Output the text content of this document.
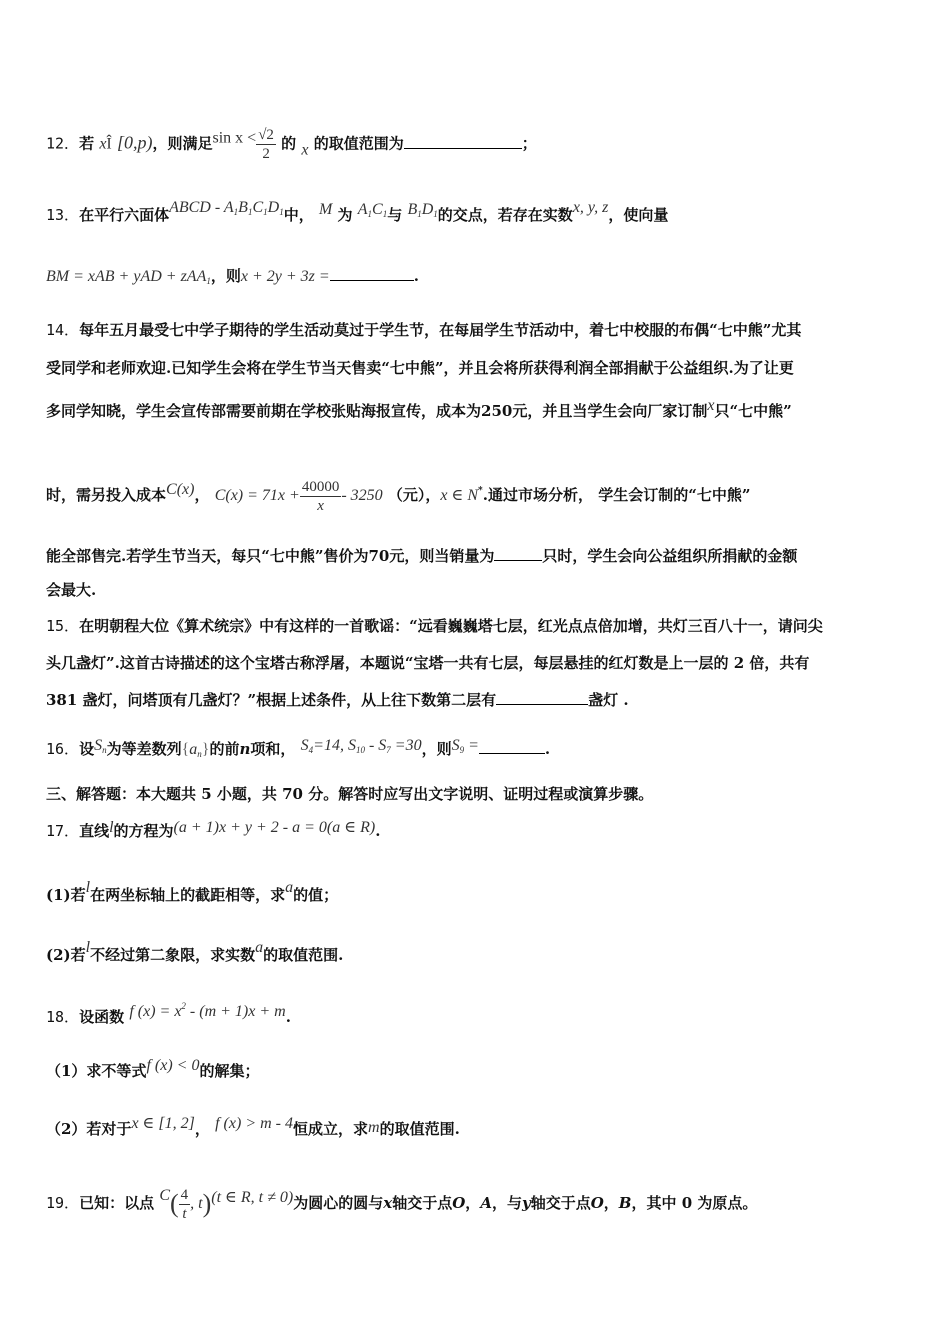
12．若 xÎ [0,p)，则满足$\sin x < \frac{√2}{2}$ 的 x 的取值范围为	；
13．在平行六面体ABCD - $A_1B_1C_1D_1$中， M 为 $A_1C_1$与 $B_1D_1$的交点，若存在实数x, y, z，使向量
BM = xAB + yAD + zAA$_1$，则x + 2y + 3z =	.
14．每年五月最受七中学子期待的学生活动莫过于学生节，在每届学生节活动中，着七中校服的布偶“七中熊”尤其
受同学和老师欢迎.已知学生会将在学生节当天售卖“七中熊”，并且会将所获得利润全部捐献于公益组织.为了让更
多同学知晓，学生会宣传部需要前期在学校张贴海报宣传，成本为250元，并且当学生会向厂家订制x只“七中熊”
时，需另投入成本C(x)， $C(x) = 71x + \frac{40000}{x} - 3250$ （元），x ∈ N*.通过市场分析， 学生会订制的“七中熊”
能全部售完.若学生节当天，每只“七中熊”售价为70元，则当销量为	只时，学生会向公益组织所捐献的金额
会最大.
15．在明朝程大位《算术统宗》中有这样的一首歌谣：“远看巍巍塔七层，红光点点倍加增，共灯三百八十一，请问尖
头几盏灯”.这首古诗描述的这个宝塔古称浮屠，本题说“宝塔一共有七层，每层悬挂的红灯数是上一层的 2 倍，共有
381 盏灯，问塔顶有几盏灯？”根据上述条件，从上往下数第二层有	盏灯 .
16．设$S_n$为等差数列$\{a_n\}$的前n项和， $S_4=14$, $S_{10} - S_7 =30$，则$S_9$ =	.
三、解答题：本大题共 5 小题，共 70 分。解答时应写出文字说明、证明过程或演算步骤。
17．直线l的方程为(a + 1)x + y + 2 - a = 0(a ∈ R).
(1)若l在两坐标轴上的截距相等，求a的值；
(2)若l不经过第二象限，求实数a的取值范围.
18．设函数 f $(x) = x^2 - (m + 1)x + m$.
（1）求不等式f (x) < 0的解集；
（2）若对于x ∈ [1, 2]， f (x) > m - 4恒成立，求m的取值范围.
19．已知：以点 $C( \frac{4}{t}$ , t)(t ∈ R, t ≠ 0)为圆心的圆与x轴交于点O，A，与y轴交于点O，B，其中 0 为原点。
